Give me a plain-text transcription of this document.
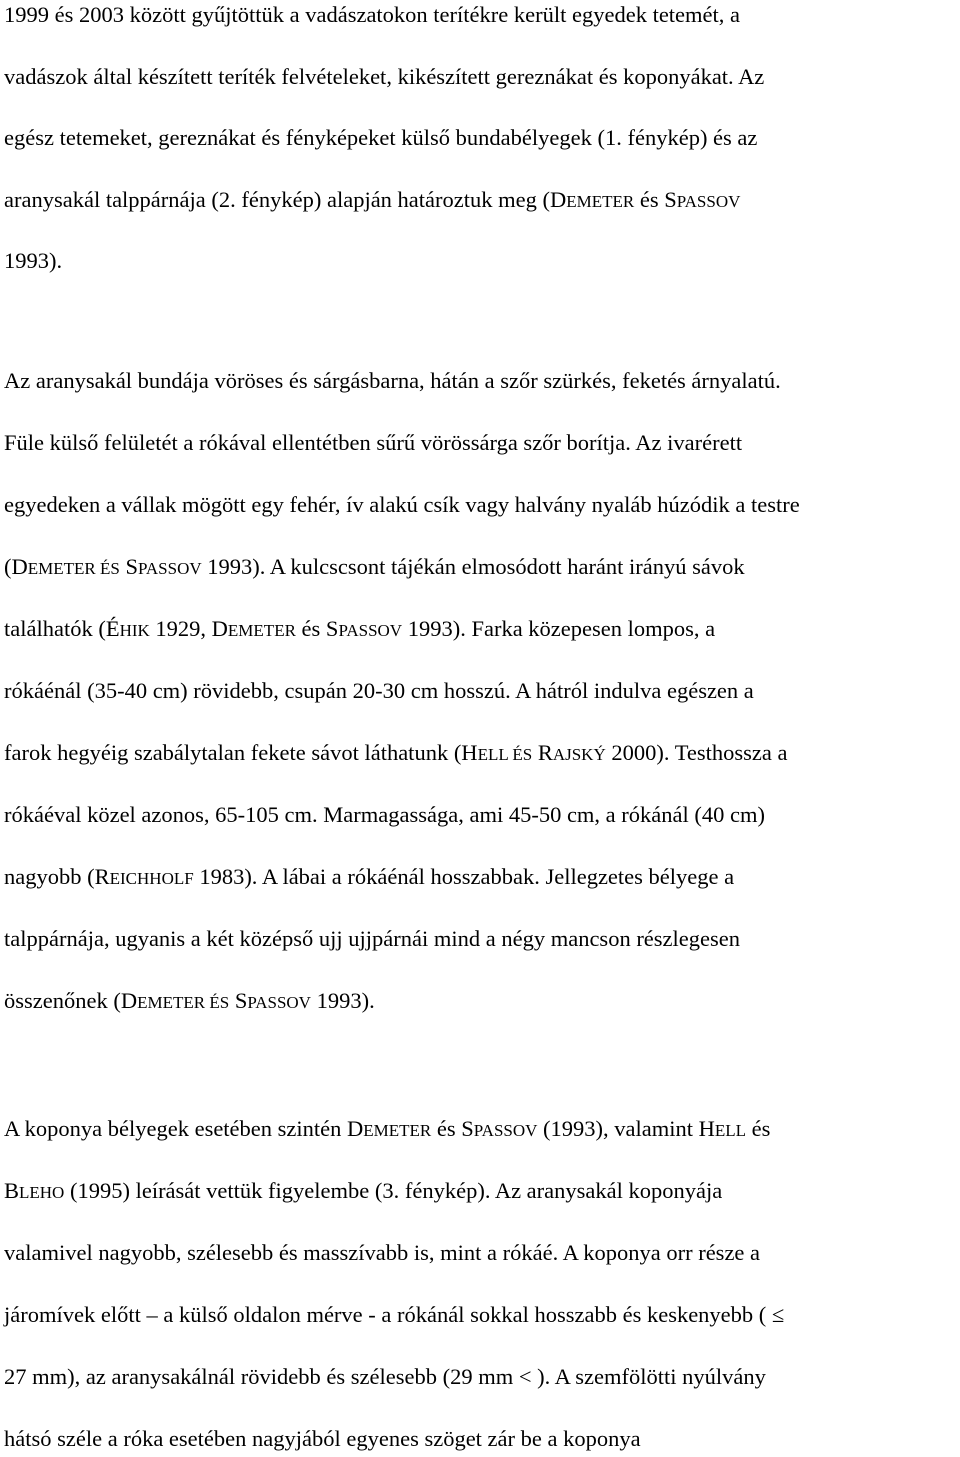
1999 és 2003 között gyűjtöttük a vadászatokon terítékre került egyedek tetemét, a
vadászok által készített teríték felvételeket, kikészített gereznákat és koponyákat. Az
egész tetemeket, gereznákat és fényképeket külső bundabélyegek (1. fénykép) és az
aranysakál talppárnája (2. fénykép) alapján határoztuk meg (DEMETER és SPASSOV
1993).
Az aranysakál bundája vöröses és sárgásbarna, hátán a szőr szürkés, feketés árnyalatú.
Füle külső felületét a rókával ellentétben sűrű vörössárga szőr borítja. Az ivarérett
egyedeken a vállak mögött egy fehér, ív alakú csík vagy halvány nyaláb húzódik a testre
(DEMETER ÉS SPASSOV 1993). A kulcscsont tájékán elmosódott haránt irányú sávok
találhatók (ÉHIK 1929, DEMETER és SPASSOV 1993). Farka közepesen lompos, a
rókáénál (35-40 cm) rövidebb, csupán 20-30 cm hosszú. A hátról indulva egészen a
farok hegyéig szabálytalan fekete sávot láthatunk (HELL ÉS RAJSKÝ 2000). Testhossza a
rókáéval közel azonos, 65-105 cm. Marmagassága, ami 45-50 cm, a rókánál (40 cm)
nagyobb (REICHHOLF 1983). A lábai a rókáénál hosszabbak. Jellegzetes bélyege a
talppárnája, ugyanis a két középső ujj ujjpárnái mind a négy mancson részlegesen
összenőnek (DEMETER ÉS SPASSOV 1993).
A koponya bélyegek esetében szintén DEMETER és SPASSOV (1993), valamint HELL és
BLEHO (1995) leírását vettük figyelembe (3. fénykép). Az aranysakál koponyája
valamivel nagyobb, szélesebb és masszívabb is, mint a rókáé. A koponya orr része a
járomívek előtt – a külső oldalon mérve - a rókánál sokkal hosszabb és keskenyebb ( ≤
27 mm), az aranysakálnál rövidebb és szélesebb (29 mm < ). A szemfölötti nyúlvány
hátsó széle a róka esetében nagyjából egyenes szöget zár be a koponya
